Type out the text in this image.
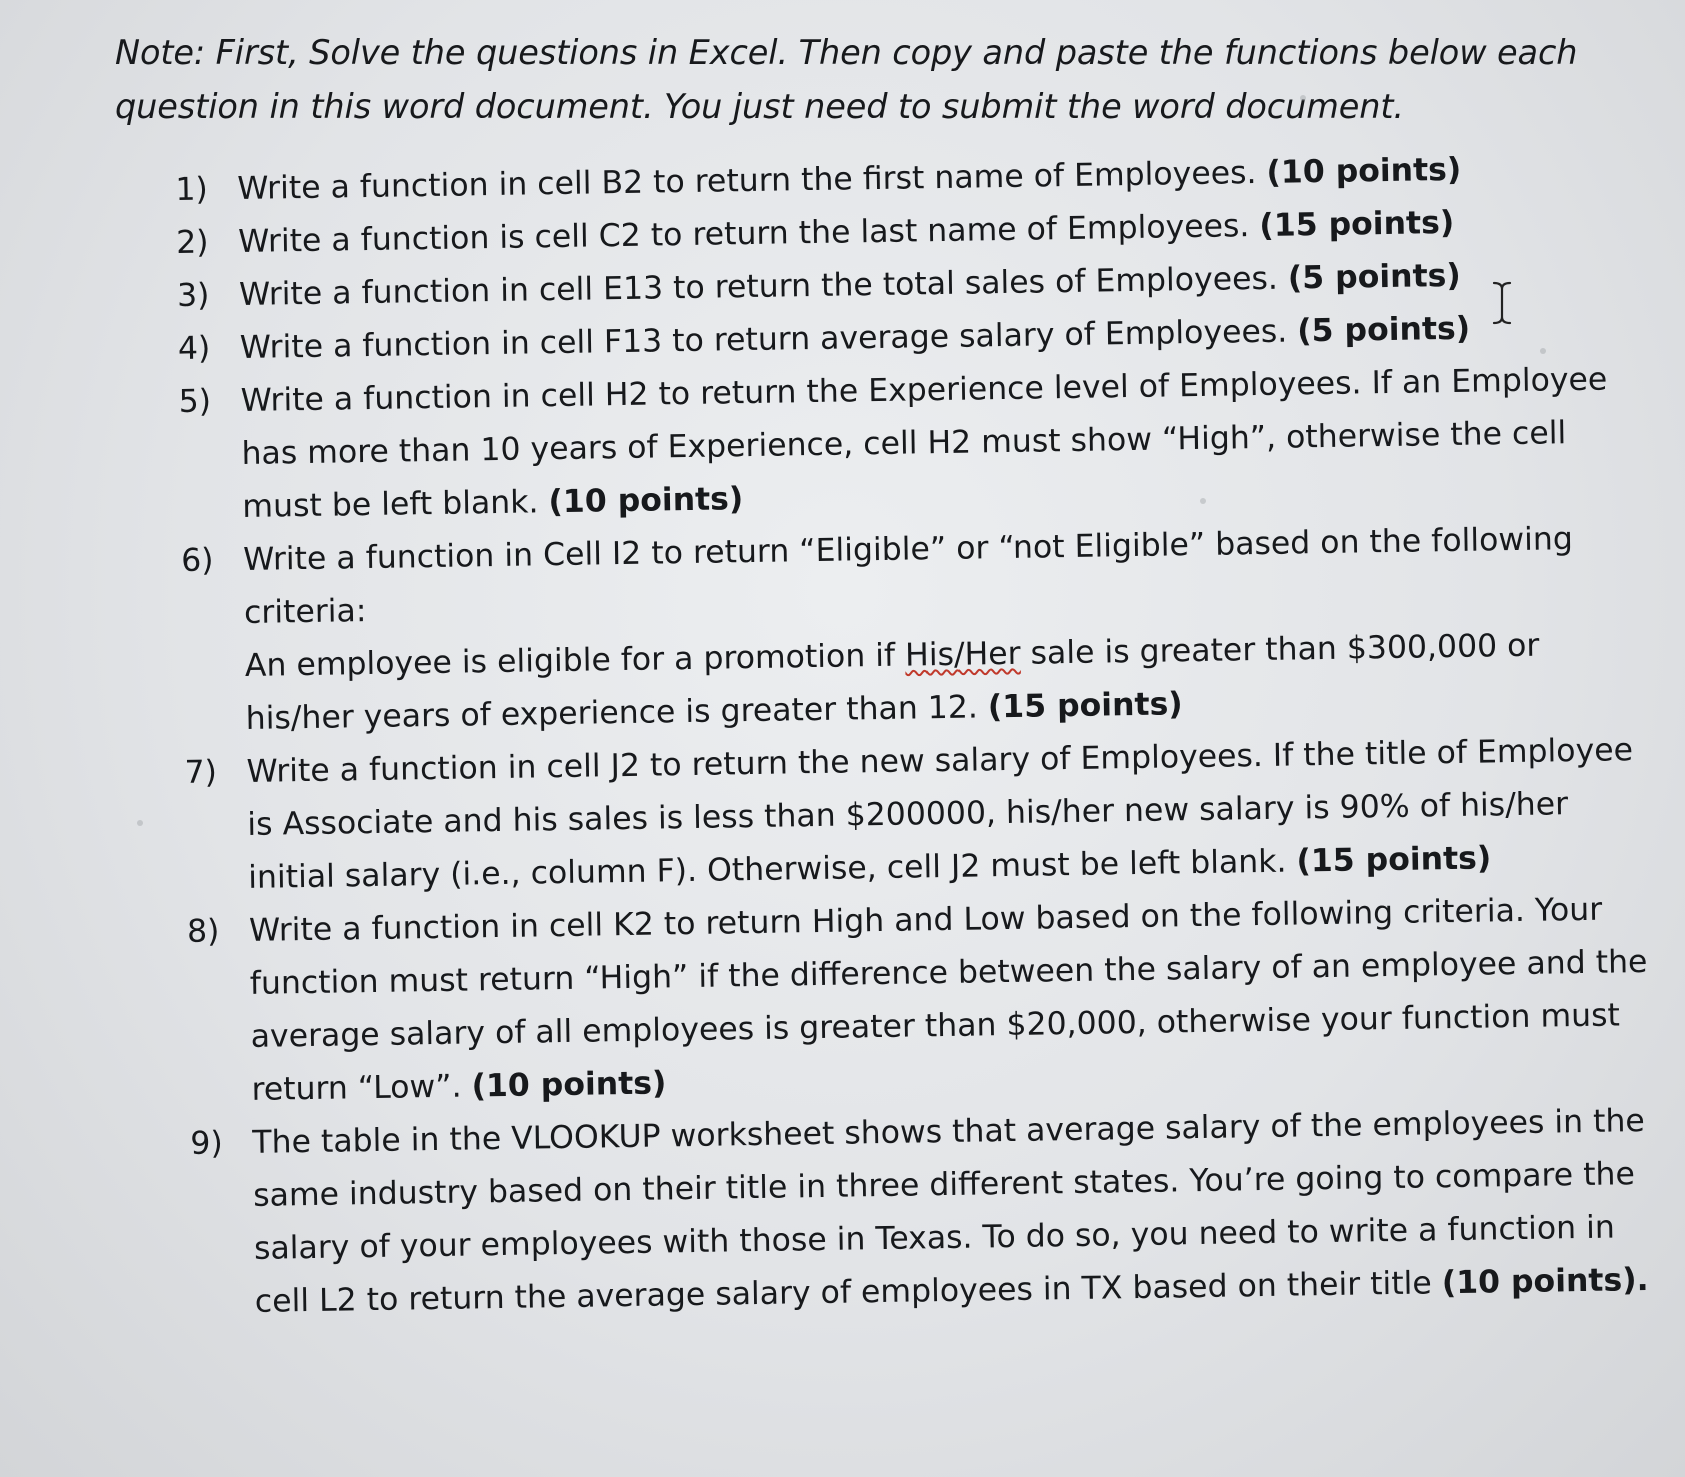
Note: First, Solve the questions in Excel. Then copy and paste the functions below each question in this word document. You just need to submit the word document.
1) Write a function in cell B2 to return the first name of Employees. (10 points)
2) Write a function is cell C2 to return the last name of Employees. (15 points)
3) Write a function in cell E13 to return the total sales of Employees. (5 points)
4) Write a function in cell F13 to return average salary of Employees. (5 points)
5) Write a function in cell H2 to return the Experience level of Employees. If an Employee has more than 10 years of Experience, cell H2 must show “High”, otherwise the cell must be left blank. (10 points)
6) Write a function in Cell I2 to return “Eligible” or “not Eligible” based on the following criteria:
An employee is eligible for a promotion if His/Her sale is greater than $300,000 or his/her years of experience is greater than 12. (15 points)
7) Write a function in cell J2 to return the new salary of Employees. If the title of Employee is Associate and his sales is less than $200000, his/her new salary is 90% of his/her initial salary (i.e., column F). Otherwise, cell J2 must be left blank. (15 points)
8) Write a function in cell K2 to return High and Low based on the following criteria. Your function must return “High” if the difference between the salary of an employee and the average salary of all employees is greater than $20,000, otherwise your function must return “Low”. (10 points)
9) The table in the VLOOKUP worksheet shows that average salary of the employees in the same industry based on their title in three different states. You’re going to compare the salary of your employees with those in Texas. To do so, you need to write a function in cell L2 to return the average salary of employees in TX based on their title (10 points).
